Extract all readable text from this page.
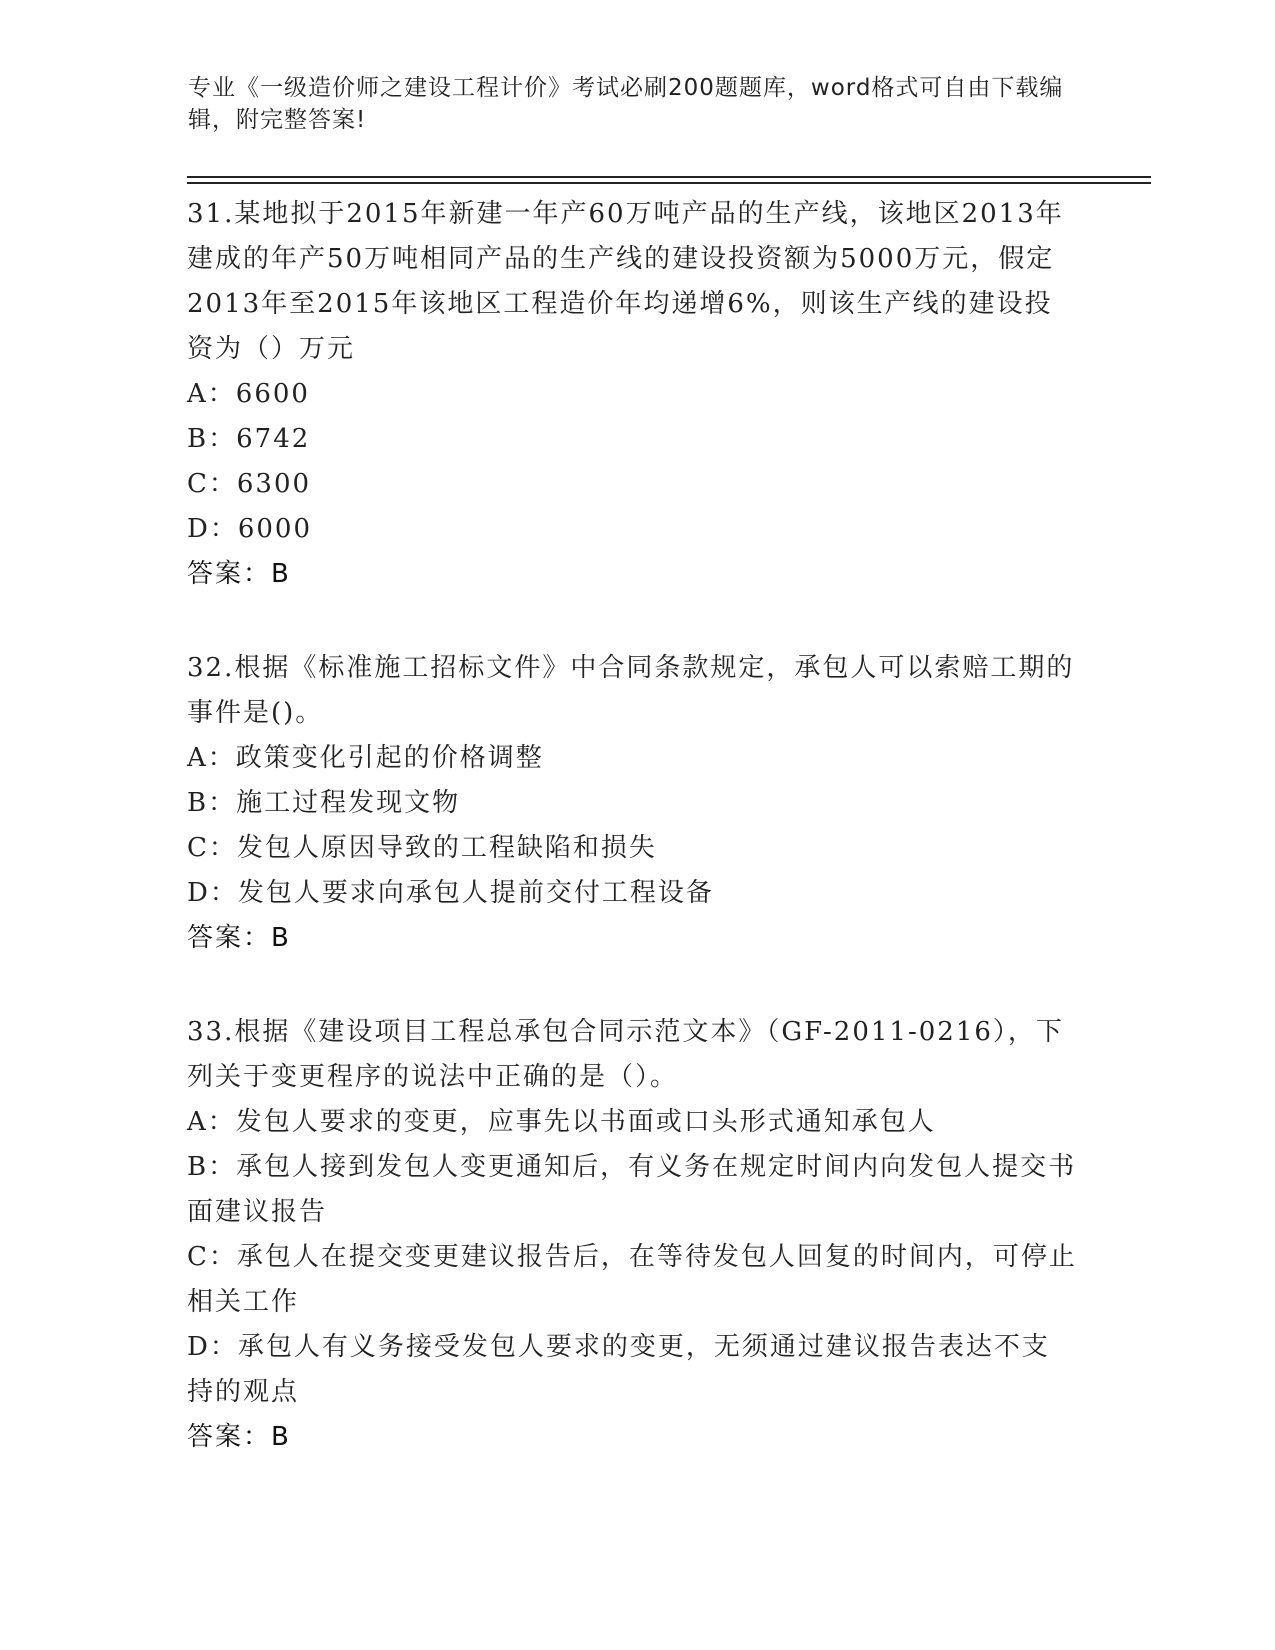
专业《一级造价师之建设工程计价》考试必刷200题题库，word格式可自由下载编辑，附完整答案!
31.某地拟于2015年新建一年产60万吨产品的生产线，该地区2013年建成的年产50万吨相同产品的生产线的建设投资额为5000万元，假定2013年至2015年该地区工程造价年均递增6%，则该生产线的建设投资为（）万元
A：6600
B：6742
C：6300
D：6000
答案：B
32.根据《标准施工招标文件》中合同条款规定，承包人可以索赔工期的事件是()。
A：政策变化引起的价格调整
B：施工过程发现文物
C：发包人原因导致的工程缺陷和损失
D：发包人要求向承包人提前交付工程设备
答案：B
33.根据《建设项目工程总承包合同示范文本》（GF-2011-0216），下列关于变更程序的说法中正确的是（）。
A：发包人要求的变更，应事先以书面或口头形式通知承包人
B：承包人接到发包人变更通知后，有义务在规定时间内向发包人提交书面建议报告
C：承包人在提交变更建议报告后，在等待发包人回复的时间内，可停止相关工作
D：承包人有义务接受发包人要求的变更，无须通过建议报告表达不支持的观点
答案：B
